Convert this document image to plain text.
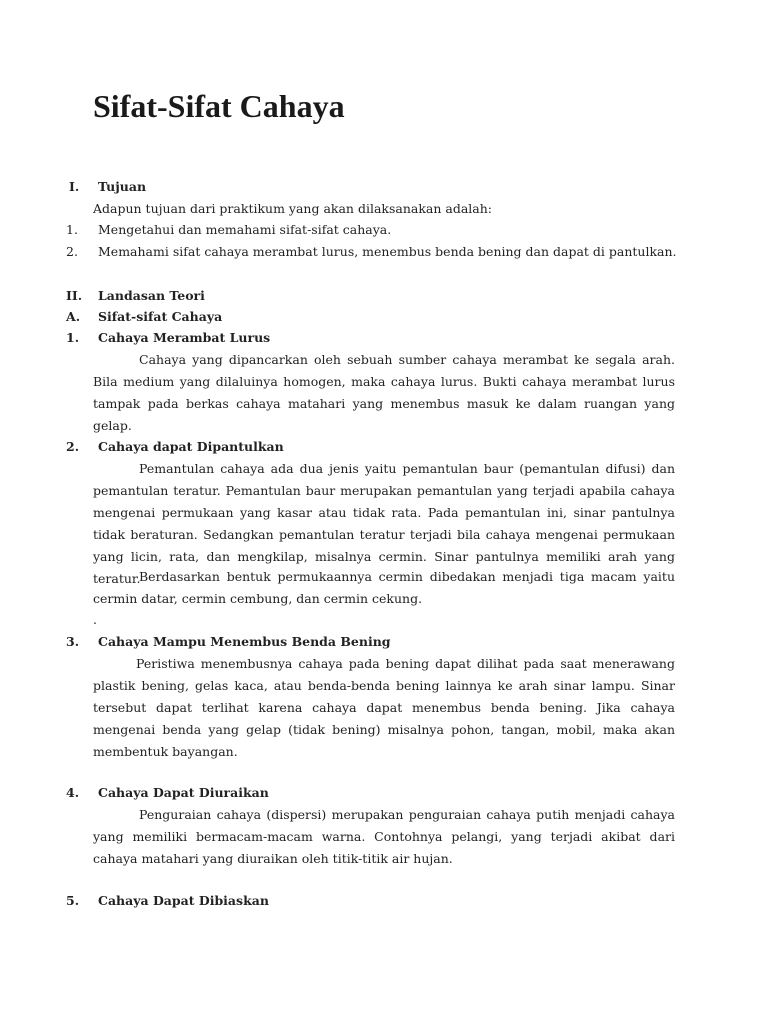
Sifat-Sifat Cahaya
I. Tujuan
Adapun tujuan dari praktikum yang akan dilaksanakan adalah:
1. Mengetahui dan memahami sifat-sifat cahaya.
2. Memahami sifat cahaya merambat lurus, menembus benda bening dan dapat di pantulkan.
II. Landasan Teori
A. Sifat-sifat Cahaya
1. Cahaya Merambat Lurus

Cahaya yang dipancarkan oleh sebuah sumber cahaya merambat ke segala arah. Bila medium yang dilaluinya homogen, maka cahaya lurus. Bukti cahaya merambat lurus tampak pada berkas cahaya matahari yang menembus masuk ke dalam ruangan yang gelap.

2. Cahaya dapat Dipantulkan

Pemantulan cahaya ada dua jenis yaitu pemantulan baur (pemantulan difusi) dan pemantulan teratur. Pemantulan baur merupakan pemantulan yang terjadi apabila cahaya mengenai permukaan yang kasar atau tidak rata. Pada pemantulan ini, sinar pantulnya tidak beraturan. Sedangkan pemantulan teratur terjadi bila cahaya mengenai permukaan yang licin, rata, dan mengkilap, misalnya cermin. Sinar pantulnya memiliki arah yang teratur.

Berdasarkan bentuk permukaannya cermin dibedakan menjadi tiga macam yaitu cermin datar, cermin cembung, dan cermin cekung.

.
3. Cahaya Mampu Menembus Benda Bening

Peristiwa menembusnya cahaya pada bening dapat dilihat pada saat menerawang plastik bening, gelas kaca, atau benda-benda bening lainnya ke arah sinar lampu. Sinar tersebut dapat terlihat karena cahaya dapat menembus benda bening. Jika cahaya mengenai benda yang gelap (tidak bening) misalnya pohon, tangan, mobil, maka akan membentuk bayangan.

4. Cahaya Dapat Diuraikan

Penguraian cahaya (dispersi) merupakan penguraian cahaya putih menjadi cahaya yang memiliki bermacam-macam warna. Contohnya pelangi, yang terjadi akibat dari cahaya matahari yang diuraikan oleh titik-titik air hujan.

5. Cahaya Dapat Dibiaskan
